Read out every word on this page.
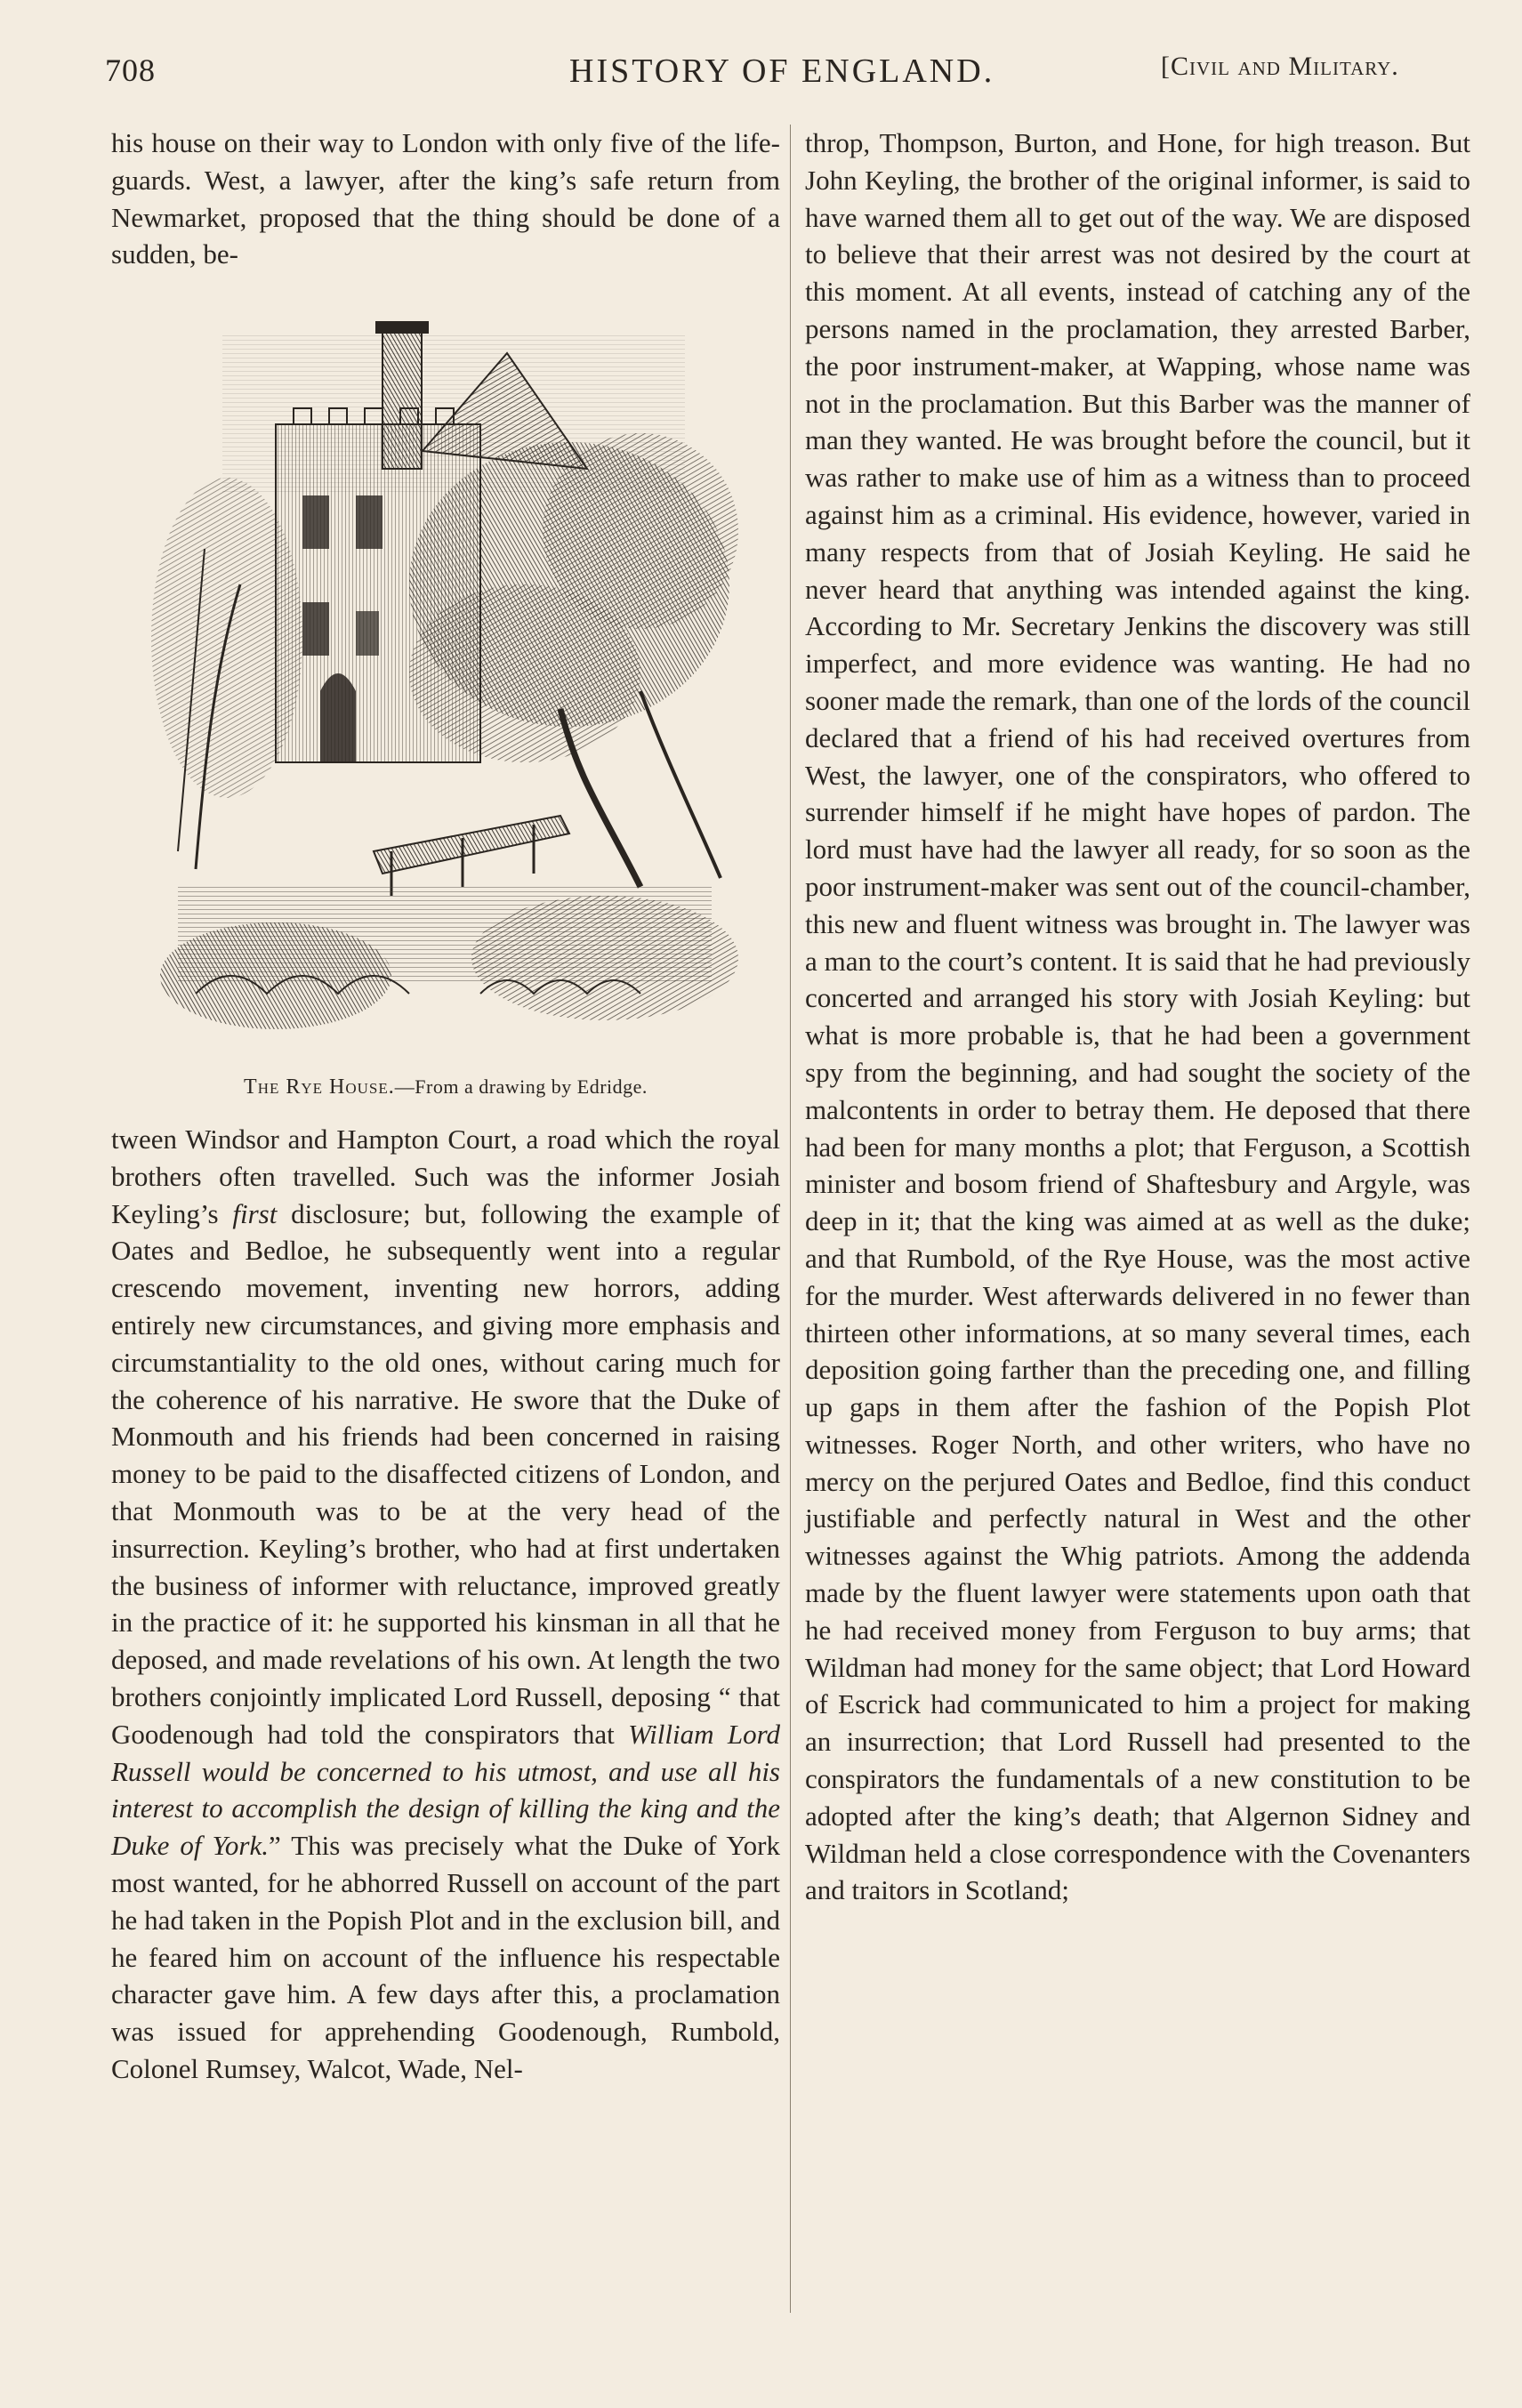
708	HISTORY OF ENGLAND.	[Civil and Military.

his house on their way to London with only five of the life-guards. West, a lawyer, after the king’s safe return from Newmarket, proposed that the thing should be done of a sudden, be-

The Rye House.—From a drawing by Edridge.

tween Windsor and Hampton Court, a road which the royal brothers often travelled. Such was the informer Josiah Keyling’s first disclosure; but, following the example of Oates and Bedloe, he subsequently went into a regular crescendo movement, inventing new horrors, adding entirely new circumstances, and giving more emphasis and circumstantiality to the old ones, without caring much for the coherence of his narrative. He swore that the Duke of Monmouth and his friends had been concerned in raising money to be paid to the disaffected citizens of London, and that Monmouth was to be at the very head of the insurrection. Keyling’s brother, who had at first undertaken the business of informer with reluctance, improved greatly in the practice of it: he supported his kinsman in all that he deposed, and made revelations of his own. At length the two brothers conjointly implicated Lord Russell, deposing “ that Goodenough had told the conspirators that William Lord Russell would be concerned to his utmost, and use all his interest to accomplish the design of killing the king and the Duke of York.” This was precisely what the Duke of York most wanted, for he abhorred Russell on account of the part he had taken in the Popish Plot and in the exclusion bill, and he feared him on account of the influence his respectable character gave him. A few days after this, a proclamation was issued for apprehending Goodenough, Rumbold, Colonel Rumsey, Walcot, Wade, Nel-

throp, Thompson, Burton, and Hone, for high treason. But John Keyling, the brother of the original informer, is said to have warned them all to get out of the way. We are disposed to believe that their arrest was not desired by the court at this moment. At all events, instead of catching any of the persons named in the proclamation, they arrested Barber, the poor instrument-maker, at Wapping, whose name was not in the proclamation. But this Barber was the manner of man they wanted. He was brought before the council, but it was rather to make use of him as a witness than to proceed against him as a criminal. His evidence, however, varied in many respects from that of Josiah Keyling. He said he never heard that anything was intended against the king. According to Mr. Secretary Jenkins the discovery was still imperfect, and more evidence was wanting. He had no sooner made the remark, than one of the lords of the council declared that a friend of his had received overtures from West, the lawyer, one of the conspirators, who offered to surrender himself if he might have hopes of pardon. The lord must have had the lawyer all ready, for so soon as the poor instrument-maker was sent out of the council-chamber, this new and fluent witness was brought in. The lawyer was a man to the court’s content. It is said that he had previously concerted and arranged his story with Josiah Keyling: but what is more probable is, that he had been a government spy from the beginning, and had sought the society of the malcontents in order to betray them. He deposed that there had been for many months a plot; that Ferguson, a Scottish minister and bosom friend of Shaftesbury and Argyle, was deep in it; that the king was aimed at as well as the duke; and that Rumbold, of the Rye House, was the most active for the murder. West afterwards delivered in no fewer than thirteen other informations, at so many several times, each deposition going farther than the preceding one, and filling up gaps in them after the fashion of the Popish Plot witnesses. Roger North, and other writers, who have no mercy on the perjured Oates and Bedloe, find this conduct justifiable and perfectly natural in West and the other witnesses against the Whig patriots. Among the addenda made by the fluent lawyer were statements upon oath that he had received money from Ferguson to buy arms; that Wildman had money for the same object; that Lord Howard of Escrick had communicated to him a project for making an insurrection; that Lord Russell had presented to the conspirators the fundamentals of a new constitution to be adopted after the king’s death; that Algernon Sidney and Wildman held a close correspondence with the Covenanters and traitors in Scotland;
